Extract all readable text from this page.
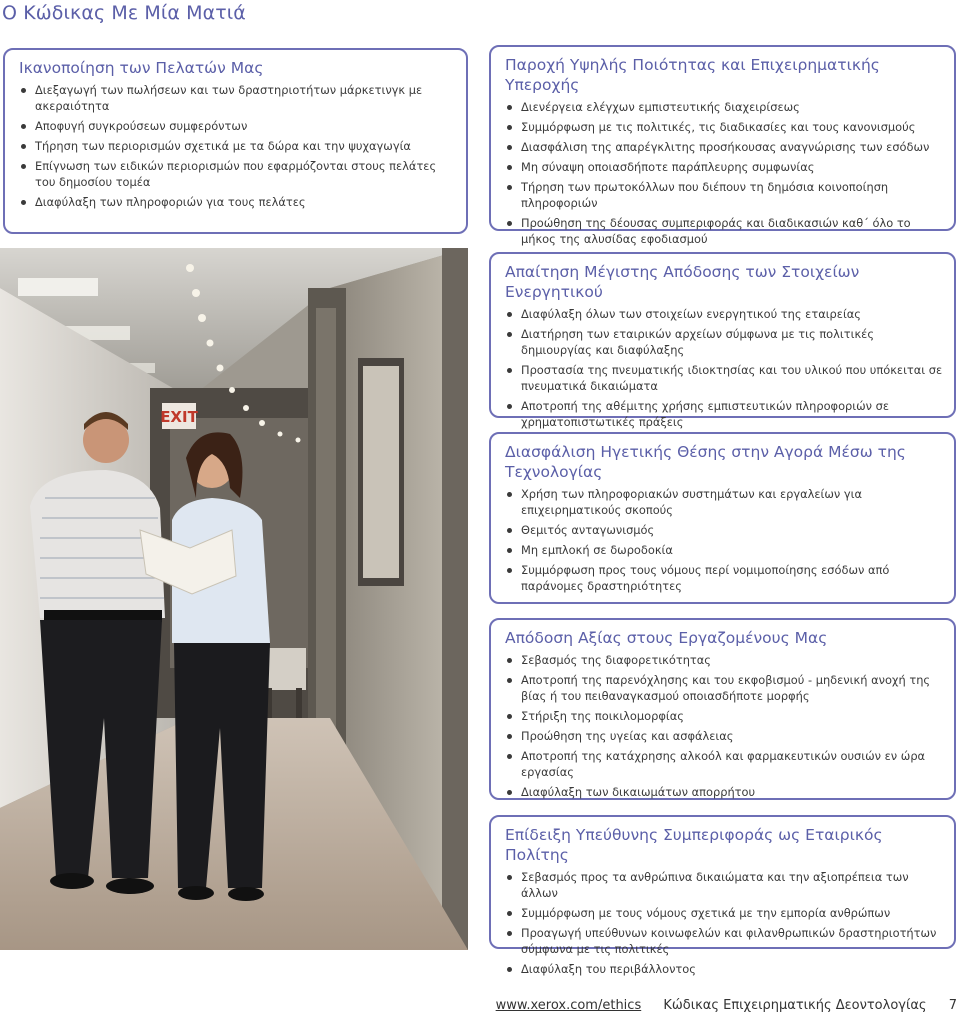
Ο Κώδικας Με Μία Ματιά
Ικανοποίηση των Πελατών Μας
Διεξαγωγή των πωλήσεων και των δραστηριοτήτων μάρκετινγκ με ακεραιότητα
Αποφυγή συγκρούσεων συμφερόντων
Τήρηση των περιορισμών σχετικά με τα δώρα και την ψυχαγωγία
Επίγνωση των ειδικών περιορισμών που εφαρμόζονται στους πελάτες του δημοσίου τομέα
Διαφύλαξη των πληροφοριών για τους πελάτες
Παροχή Υψηλής Ποιότητας και Επιχειρηματικής Υπεροχής
Διενέργεια ελέγχων εμπιστευτικής διαχειρίσεως
Συμμόρφωση με τις πολιτικές, τις διαδικασίες και τους κανονισμούς
Διασφάλιση της απαρέγκλιτης προσήκουσας αναγνώρισης των εσόδων
Μη σύναψη οποιασδήποτε παράπλευρης συμφωνίας
Τήρηση των πρωτοκόλλων που διέπουν τη δημόσια κοινοποίηση πληροφοριών
Προώθηση της δέουσας συμπεριφοράς και διαδικασιών καθ΄ όλο το μήκος της αλυσίδας εφοδιασμού
Απαίτηση Μέγιστης Απόδοσης των Στοιχείων Ενεργητικού
Διαφύλαξη όλων των στοιχείων ενεργητικού της εταιρείας
Διατήρηση των εταιρικών αρχείων σύμφωνα με τις πολιτικές δημιουργίας και διαφύλαξης
Προστασία της πνευματικής ιδιοκτησίας και του υλικού που υπόκειται σε πνευματικά δικαιώματα
Αποτροπή της αθέμιτης χρήσης εμπιστευτικών πληροφοριών σε χρηματοπιστωτικές πράξεις
Διασφάλιση Ηγετικής Θέσης στην Αγορά Μέσω της Τεχνολογίας
Χρήση των πληροφοριακών συστημάτων και εργαλείων για επιχειρηματικούς σκοπούς
Θεμιτός ανταγωνισμός
Μη εμπλοκή σε δωροδοκία
Συμμόρφωση προς τους νόμους περί νομιμοποίησης εσόδων από παράνομες δραστηριότητες
Απόδοση Αξίας στους Εργαζομένους Μας
Σεβασμός της διαφορετικότητας
Αποτροπή της παρενόχλησης και του εκφοβισμού - μηδενική ανοχή της βίας ή του πειθαναγκασμού οποιασδήποτε μορφής
Στήριξη της ποικιλομορφίας
Προώθηση της υγείας και ασφάλειας
Αποτροπή της κατάχρησης αλκοόλ και φαρμακευτικών ουσιών εν ώρα εργασίας
Διαφύλαξη των δικαιωμάτων απορρήτου
Επίδειξη Υπεύθυνης Συμπεριφοράς ως Εταιρικός Πολίτης
Σεβασμός προς τα ανθρώπινα δικαιώματα και την αξιοπρέπεια των άλλων
Συμμόρφωση με τους νόμους σχετικά με την εμπορία ανθρώπων
Προαγωγή υπεύθυνων κοινωφελών και φιλανθρωπικών δραστηριοτήτων σύμφωνα με τις πολιτικές
Διαφύλαξη του περιβάλλοντος
EXIT
www.xerox.com/ethics Κώδικας Επιχειρηματικής Δεοντολογίας 7
